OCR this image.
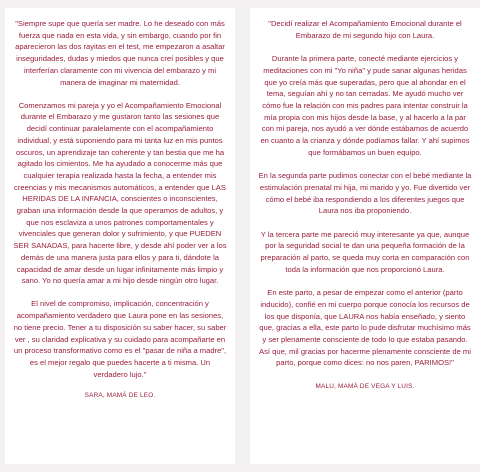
"Siempre supe que quería ser madre. Lo he deseado con más fuerza que nada en esta vida, y sin embargo, cuando por fin aparecieron las dos rayitas en el test, me empezaron a asaltar inseguridades, dudas y miedos que nunca creí posibles y que interferían claramente con mi vivencia del embarazo y mi manera de imaginar mi maternidad.

Comenzamos mi pareja y yo el Acompañamiento Emocional durante el Embarazo y me gustaron tanto las sesiones que decidí continuar paralelamente con el acompañamiento individual, y está suponiendo para mi tanta luz en mis puntos oscuros, un aprendizaje tan coherente y tan bestia que me ha agitado los cimientos. Me ha ayudado a conocerme más que cualquier terapia realizada hasta la fecha, a entender mis creencias y mis mecanismos automáticos, a entender que LAS HERIDAS DE LA INFANCIA, conscientes o inconscientes, graban una información desde la que operamos de adultos, y que nos esclaviza a unos patrones comportamentales y vivenciales que generan dolor y sufrimiento, y que PUEDEN SER SANADAS, para hacerte libre, y desde ahí poder ver a los demás de una manera justa para ellos y para ti, dándote la capacidad de amar desde un lugar infinitamente más limpio y sano. Yo no quería amar a mi hijo desde ningún otro lugar.

El nivel de compromiso, implicación, concentración y acompañamiento verdadero que Laura pone en las sesiones, no tiene precio. Tener a tu disposición su saber hacer, su saber ver , su claridad explicativa y su cuidado para acompañarte en un proceso transformativo como es el "pasar de niña a madre", es el mejor regalo que puedes hacerte a ti misma. Un verdadero lujo."

SARA, MAMÁ DE LEO.

"Decidí realizar el Acompañamiento Emocional durante el Embarazo de mi segundo hijo con Laura.

Durante la primera parte, conecté mediante ejercicios y meditaciones con mi "Yo niña" y pude sanar algunas heridas que yo creía más que superadas, pero que al ahondar en el tema, seguían ahí y no tan cerradas. Me ayudó mucho ver cómo fue la relación con mis padres para intentar construir la mía propia con mis hijos desde la base, y al hacerlo a la par con mi pareja, nos ayudó a ver dónde estábamos de acuerdo en cuanto a la crianza y dónde podíamos fallar. Y ahí supimos que formábamos un buen equipo.

En la segunda parte pudimos conectar con el bebé mediante la estimulación prenatal mi hija, mi marido y yo. Fue divertido ver cómo el bebé iba respondiendo a los diferentes juegos que Laura nos iba proponiendo.

Y la tercera parte me pareció muy interesante ya que, aunque por la seguridad social te dan una pequeña formación de la preparación al parto, se queda muy corta en comparación con toda la información que nos proporcionó Laura.

En este parto, a pesar de empezar como el anterior (parto inducido), confié en mi cuerpo porque conocía los recursos de los que disponía, que LAURA nos había enseñado, y siento que, gracias a ella, este parto lo pude disfrutar muchísimo más y ser plenamente consciente de todo lo que estaba pasando. Así que, mil gracias por hacerme plenamente consciente de mi parto, porque como dices: no nos paren, PARIMOS!"

MALU, MAMÁ DE VEGA Y LUIS.
